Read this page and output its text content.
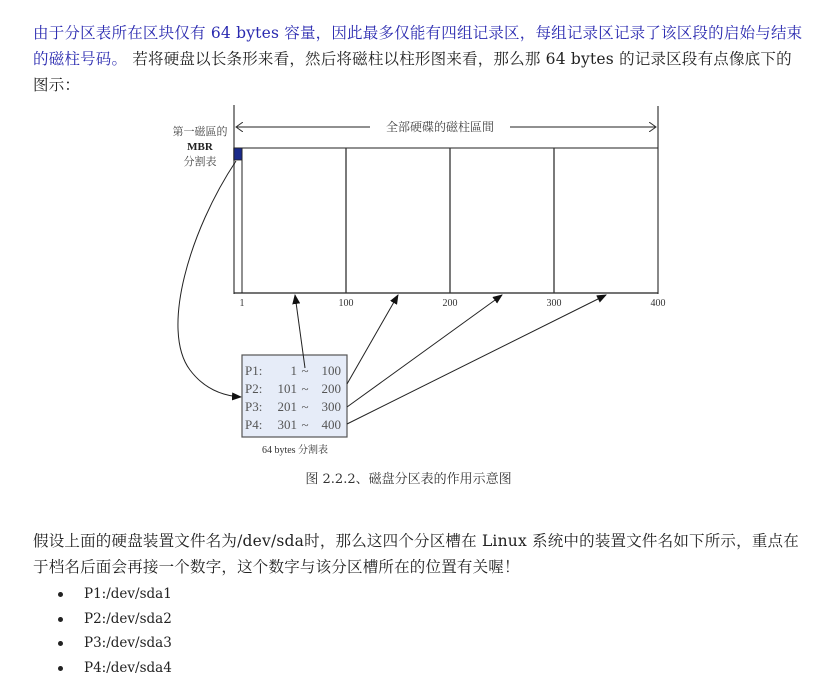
由于分区表所在区块仅有 64 bytes 容量，因此最多仅能有四组记录区，每组记录区记录了该区段的启始与结束的磁柱号码。 若将硬盘以长条形来看，然后将磁柱以柱形图来看，那么那 64 bytes 的记录区段有点像底下的图示：

第一磁區的
MBR
分割表
全部硬碟的磁柱區間
1	100	200	300	400
P1: 1 ~ 100
P2: 101 ~ 200
P3: 201 ~ 300
P4: 301 ~ 400
64 bytes 分割表
图 2.2.2、磁盘分区表的作用示意图

假设上面的硬盘装置文件名为/dev/sda时，那么这四个分区槽在 Linux 系统中的装置文件名如下所示，重点在于档名后面会再接一个数字，这个数字与该分区槽所在的位置有关喔！

P1:/dev/sda1
P2:/dev/sda2
P3:/dev/sda3
P4:/dev/sda4
